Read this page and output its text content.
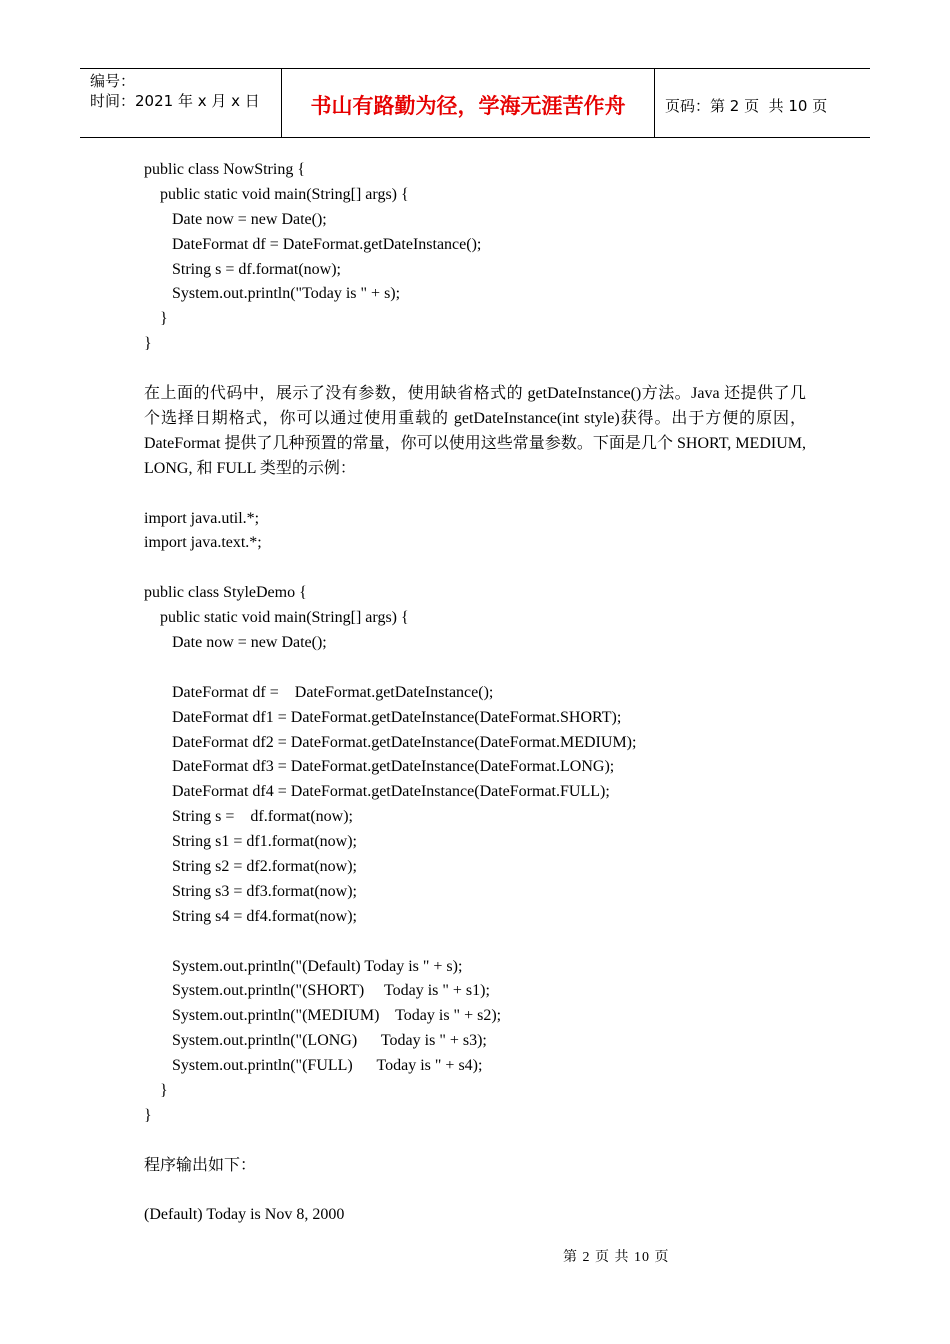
编号：
时间：2021 年 x 月 x 日	书山有路勤为径，学海无涯苦作舟	页码：第 2 页  共 10 页
public class NowString {
public static void main(String[] args) {
Date now = new Date();
DateFormat df = DateFormat.getDateInstance();
String s = df.format(now);
System.out.println("Today is " + s);
}
}
在上面的代码中，展示了没有参数，使用缺省格式的 getDateInstance()方法。Java 还提供了几个选择日期格式，你可以通过使用重载的 getDateInstance(int style)获得。出于方便的原因，DateFormat 提供了几种预置的常量，你可以使用这些常量参数。下面是几个 SHORT, MEDIUM, LONG, 和 FULL 类型的示例：
import java.util.*;
import java.text.*;
public class StyleDemo {
public static void main(String[] args) {
Date now = new Date();
DateFormat df =    DateFormat.getDateInstance();
DateFormat df1 = DateFormat.getDateInstance(DateFormat.SHORT);
DateFormat df2 = DateFormat.getDateInstance(DateFormat.MEDIUM);
DateFormat df3 = DateFormat.getDateInstance(DateFormat.LONG);
DateFormat df4 = DateFormat.getDateInstance(DateFormat.FULL);
String s =    df.format(now);
String s1 = df1.format(now);
String s2 = df2.format(now);
String s3 = df3.format(now);
String s4 = df4.format(now);
System.out.println("(Default) Today is " + s);
System.out.println("(SHORT)     Today is " + s1);
System.out.println("(MEDIUM)    Today is " + s2);
System.out.println("(LONG)      Today is " + s3);
System.out.println("(FULL)      Today is " + s4);
}
}
程序输出如下：
(Default) Today is Nov 8, 2000
第 2 页 共 10 页
